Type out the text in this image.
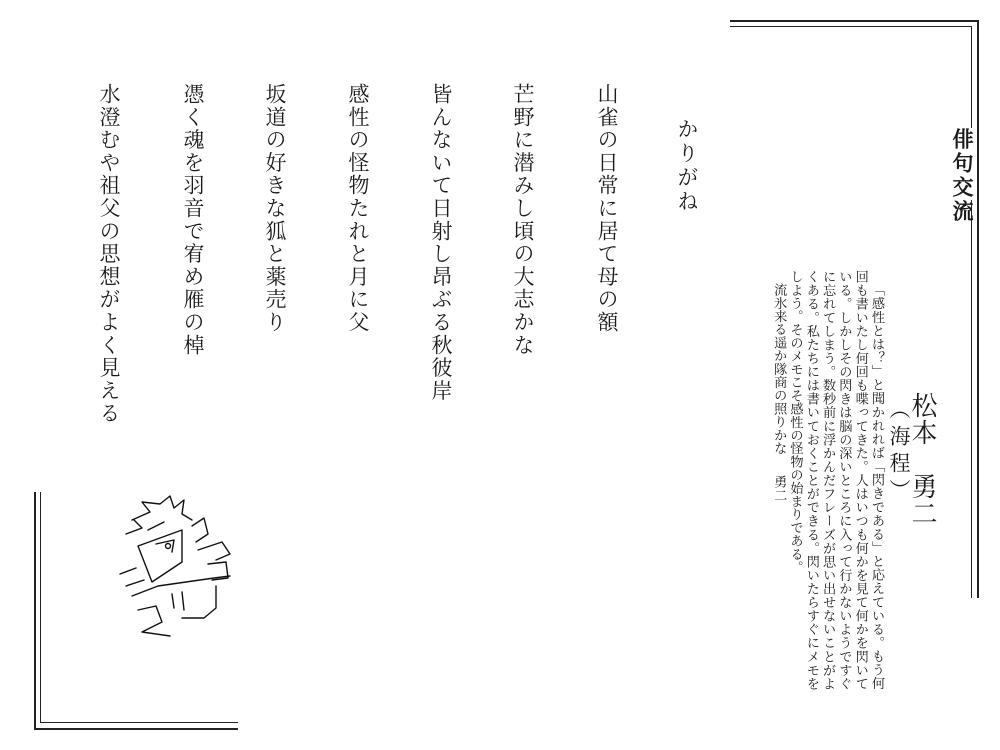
俳句交流
松本　勇二
（海程）

「感性とは？」と聞かれれば「閃きである」と応えている。もう何回も書いたし何回も喋ってきた。人はいつも何かを見て何かを閃いている。しかしその閃きは脳の深いところに入って行かないようですぐに忘れてしまう。数秒前に浮かんだフレーズが思い出せないことがよくある。私たちには書いておくことができる。閃いたらすぐにメモをしよう。そのメモこそ感性の怪物の始まりである。

流氷来る遥か隊商の照りかな勇二

かりがね
山雀の日常に居て母の額
芒野に潜みし頃の大志かな
皆んないて日射し昂ぶる秋彼岸
感性の怪物たれと月に父
坂道の好きな狐と薬売り
憑く魂を羽音で宥め雁の棹
水澄むや祖父の思想がよく見える
